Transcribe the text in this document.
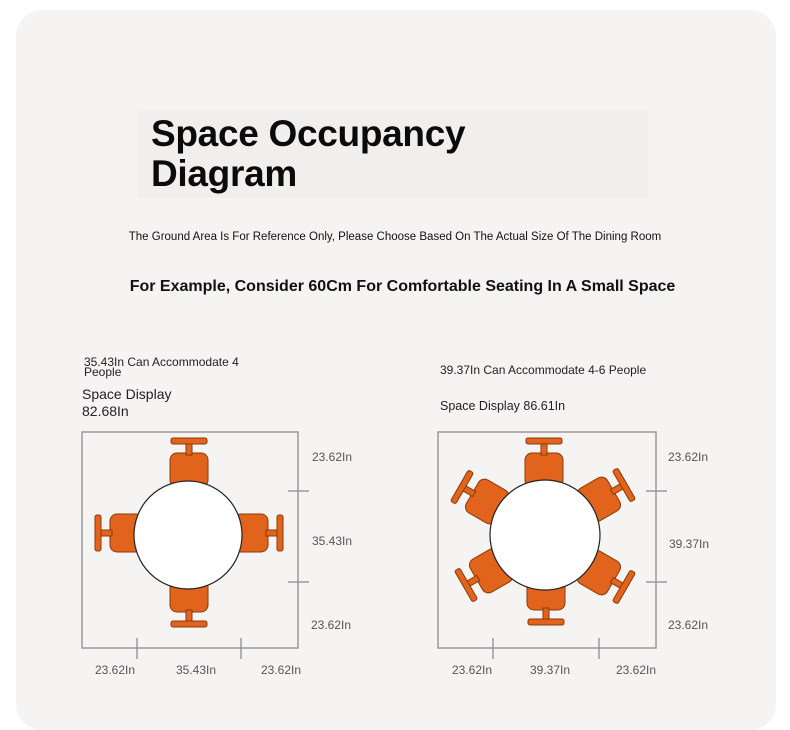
Space Occupancy
Diagram
The Ground Area Is For Reference Only, Please Choose Based On The Actual Size Of The Dining Room
For Example, Consider 60Cm For Comfortable Seating In A Small Space
35.43In Can Accommodate 4 People
Space Display
82.68In
39.37In Can Accommodate 4-6 People
Space Display 86.61In
23.62In
35.43In
23.62In
23.62In	35.43In	23.62In
23.62In
39.37In
23.62In
23.62In	39.37In	23.62In
